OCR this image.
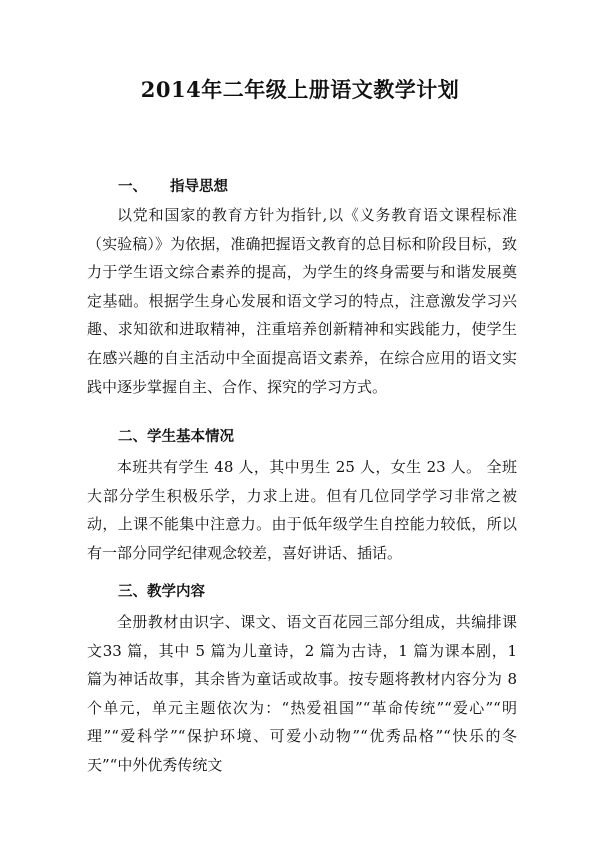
2014年二年级上册语文教学计划
一、 指导思想

以党和国家的教育方针为指针,以《义务教育语文课程标准（实验稿）》为依据，准确把握语文教育的总目标和阶段目标，致力于学生语文综合素养的提高，为学生的终身需要与和谐发展奠定基础。根据学生身心发展和语文学习的特点，注意激发学习兴趣、求知欲和进取精神，注重培养创新精神和实践能力，使学生在感兴趣的自主活动中全面提高语文素养，在综合应用的语文实践中逐步掌握自主、合作、探究的学习方式。

二、学生基本情况

本班共有学生 48 人，其中男生 25 人，女生 23 人。 全班大部分学生积极乐学，力求上进。但有几位同学学习非常之被动，上课不能集中注意力。由于低年级学生自控能力较低，所以有一部分同学纪律观念较差，喜好讲话、插话。

三、教学内容

全册教材由识字、课文、语文百花园三部分组成，共编排课文33 篇，其中 5 篇为儿童诗，2 篇为古诗，1 篇为课本剧，1 篇为神话故事，其余皆为童话或故事。按专题将教材内容分为 8 个单元，单元主题依次为：“热爱祖国”“革命传统”“爱心”“明理”“爱科学”“保护环境、可爱小动物”“优秀品格”“快乐的冬天”“中外优秀传统文
